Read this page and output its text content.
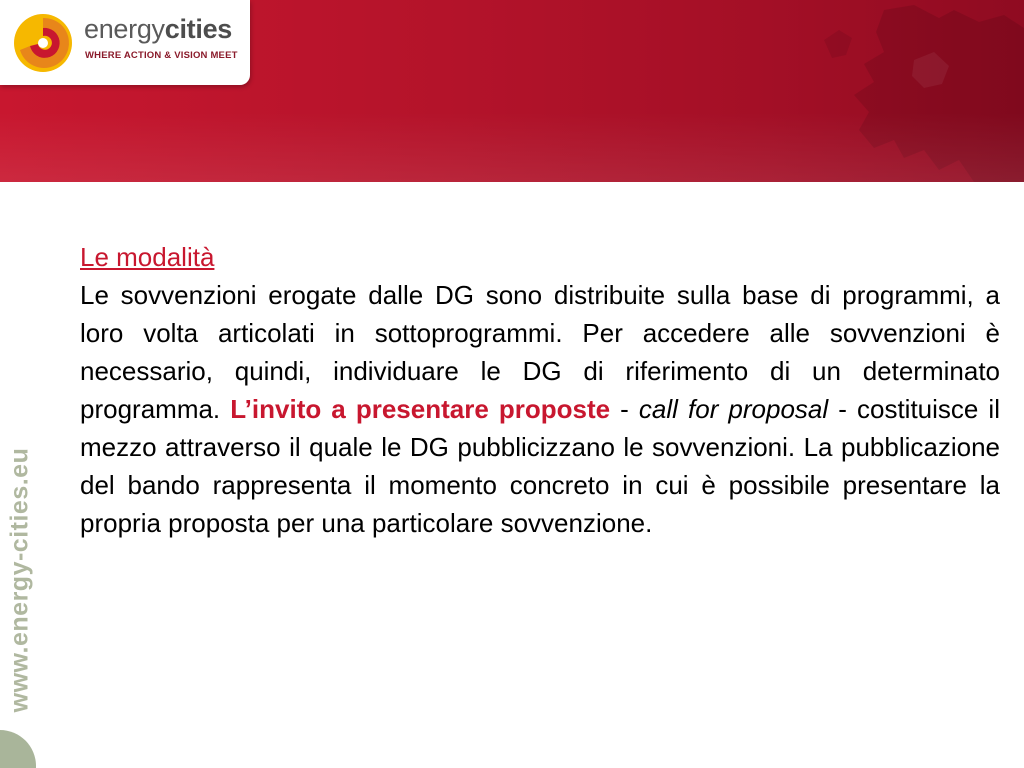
energycities
WHERE ACTION & VISION MEET
www.energy-cities.eu

Le modalità

Le sovvenzioni erogate dalle DG sono distribuite sulla base di programmi, a loro volta articolati in sottoprogrammi. Per accedere alle sovvenzioni è necessario, quindi, individuare le DG di riferimento di un determinato programma. L’invito a presentare proposte - call for proposal - costituisce il mezzo attraverso il quale le DG pubblicizzano le sovvenzioni. La pubblicazione del bando rappresenta il momento concreto in cui è possibile presentare la propria proposta per una particolare sovvenzione.
